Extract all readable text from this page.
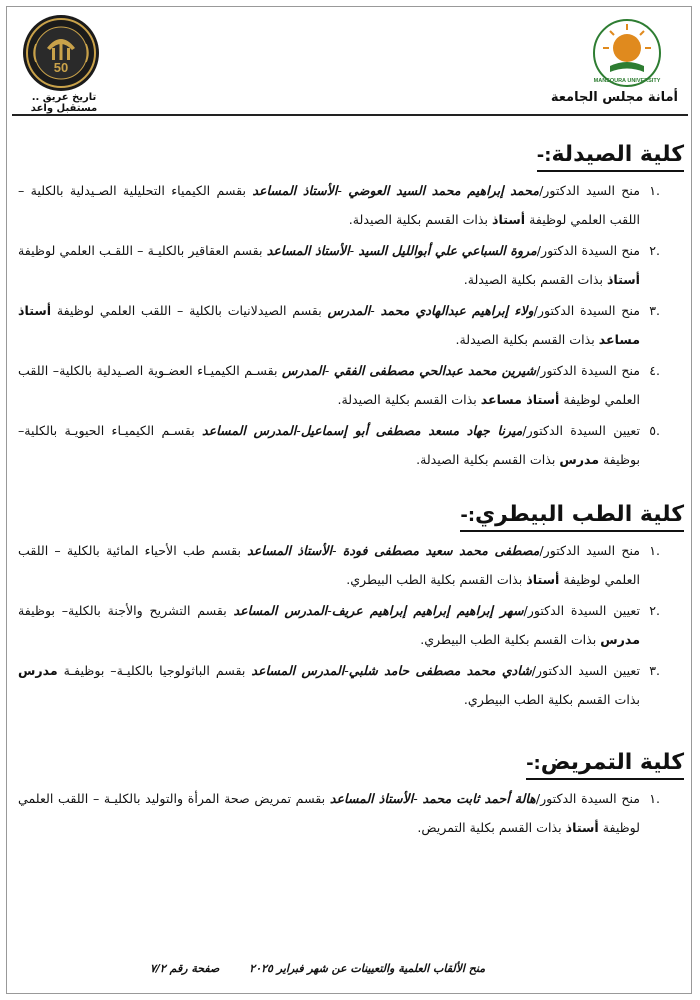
50
تاريخ عريق .. مستقبل واعد
MANSOURA UNIVERSITY
أمانة مجلس الجامعة
كلية الصيدلة:-
.١
منح السيد الدكتور/محمد إبراهيم محمد السيد العوضي -الأستاذ المساعد بقسم الكيمياء التحليلية الصـيدلية بالكلية – اللقب العلمي لوظيفة أستاذ بذات القسم بكلية الصيدلة.
.٢
منح السيدة الدكتور/مروة السباعي علي أبوالليل السيد -الأستاذ المساعد بقسم العقاقير بالكليـة – اللقـب العلمي لوظيفة أستاذ بذات القسم بكلية الصيدلة.
.٣
منح السيدة الدكتور/ولاء إبراهيم عبدالهادي محمد -المدرس بقسم الصيدلانيات بالكلية – اللقب العلمي لوظيفة أستاذ مساعد بذات القسم بكلية الصيدلة.
.٤
منح السيدة الدكتور/شيرين محمد عبدالحي مصطفى الفقي -المدرس بقسـم الكيميـاء العضـوية الصـيدلية بالكلية– اللقب العلمي لوظيفة أستاذ مساعد بذات القسم بكلية الصيدلة.
.٥
تعيين السيدة الدكتور/ميرنا جهاد مسعد مصطفى أبو إسماعيل-المدرس المساعد بقسـم الكيميـاء الحيويـة بالكلية– بوظيفة مدرس بذات القسم بكلية الصيدلة.
كلية الطب البيطري:-
.١
منح السيد الدكتور/مصطفى محمد سعيد مصطفى فودة -الأستاذ المساعد بقسم طب الأحياء المائية بالكلية – اللقب العلمي لوظيفة أستاذ بذات القسم بكلية الطب البيطري.
.٢
تعيين السيدة الدكتور/سهر إبراهيم إبراهيم إبراهيم عريف-المدرس المساعد بقسم التشريح والأجنة بالكلية– بوظيفة مدرس بذات القسم بكلية الطب البيطري.
.٣
تعيين السيد الدكتور/شادي محمد مصطفى حامد شلبي-المدرس المساعد بقسم الباثولوجيا بالكليـة– بوظيفـة مدرس بذات القسم بكلية الطب البيطري.
كلية التمريض:-
.١
منح السيدة الدكتور/هالة أحمد ثابت محمد -الأستاذ المساعد بقسم تمريض صحة المرأة والتوليد بالكليـة – اللقب العلمي لوظيفة أستاذ بذات القسم بكلية التمريض.
منح الألقاب العلمية والتعيينات عن شهر فبراير ٢٠٢٥صفحة رقم ٧/٢
